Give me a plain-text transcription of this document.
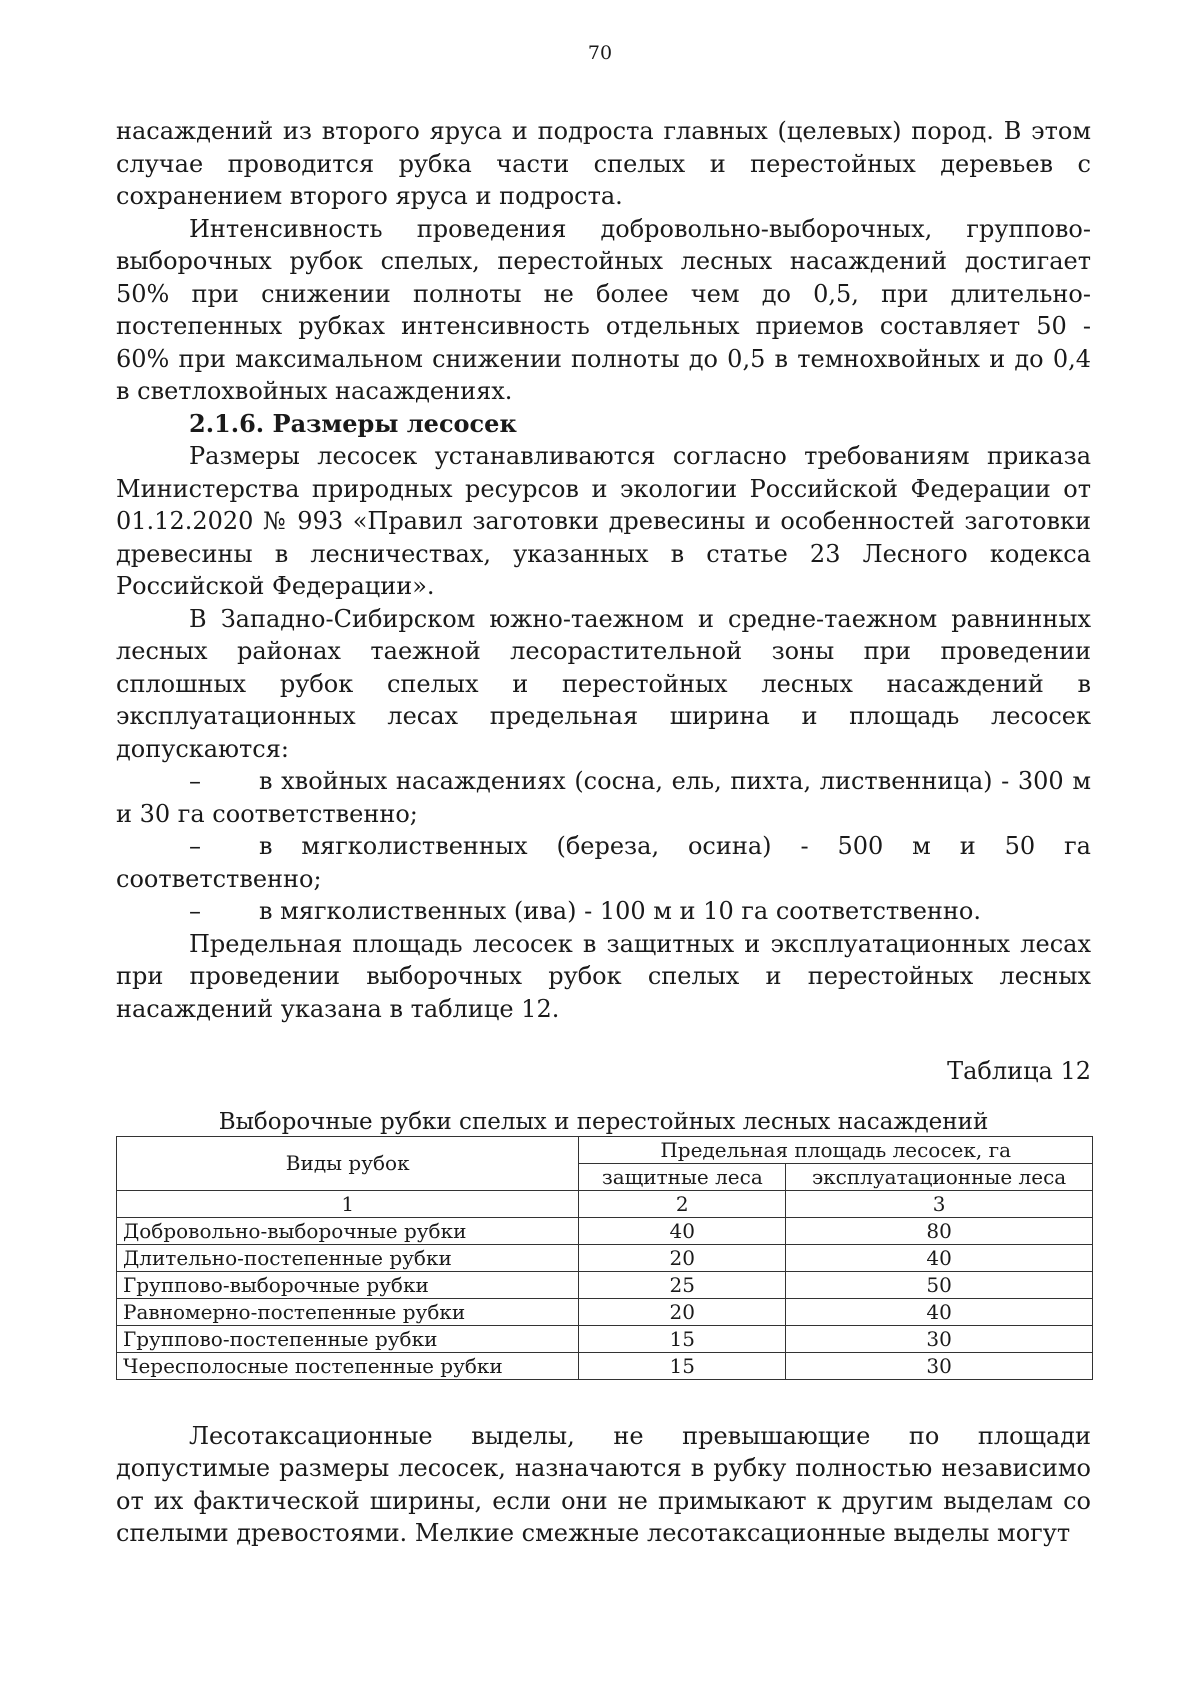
70

насаждений из второго яруса и подроста главных (целевых) пород. В этом случае проводится рубка части спелых и перестойных деревьев с сохранением второго яруса и подроста.

Интенсивность проведения добровольно-выборочных, группово-выборочных рубок спелых, перестойных лесных насаждений достигает 50% при снижении полноты не более чем до 0,5, при длительно-постепенных рубках интенсивность отдельных приемов составляет 50 - 60% при максимальном снижении полноты до 0,5 в темнохвойных и до 0,4 в светлохвойных насаждениях.

2.1.6. Размеры лесосек

Размеры лесосек устанавливаются согласно требованиям приказа Министерства природных ресурсов и экологии Российской Федерации от 01.12.2020 № 993 «Правил заготовки древесины и особенностей заготовки древесины в лесничествах, указанных в статье 23 Лесного кодекса Российской Федерации».

В Западно-Сибирском южно-таежном и средне-таежном равнинных лесных районах таежной лесорастительной зоны при проведении сплошных рубок спелых и перестойных лесных насаждений в эксплуатационных лесах предельная ширина и площадь лесосек допускаются:

– в хвойных насаждениях (сосна, ель, пихта, лиственница) - 300 м и 30 га соответственно;

– в мягколиственных (береза, осина) - 500 м и 50 га соответственно;

– в мягколиственных (ива) - 100 м и 10 га соответственно.

Предельная площадь лесосек в защитных и эксплуатационных лесах при проведении выборочных рубок спелых и перестойных лесных насаждений указана в таблице 12.

Таблица 12

Выборочные рубки спелых и перестойных лесных насаждений

Виды рубок	Предельная площадь лесосек, га	
	защитные леса	эксплуатационные леса
1	2	3
Добровольно-выборочные рубки	40	80
Длительно-постепенные рубки	20	40
Группово-выборочные рубки	25	50
Равномерно-постепенные рубки	20	40
Группово-постепенные рубки	15	30
Чересполосные постепенные рубки	15	30

Лесотаксационные выделы, не превышающие по площади допустимые размеры лесосек, назначаются в рубку полностью независимо от их фактической ширины, если они не примыкают к другим выделам со спелыми древостоями. Мелкие смежные лесотаксационные выделы могут
